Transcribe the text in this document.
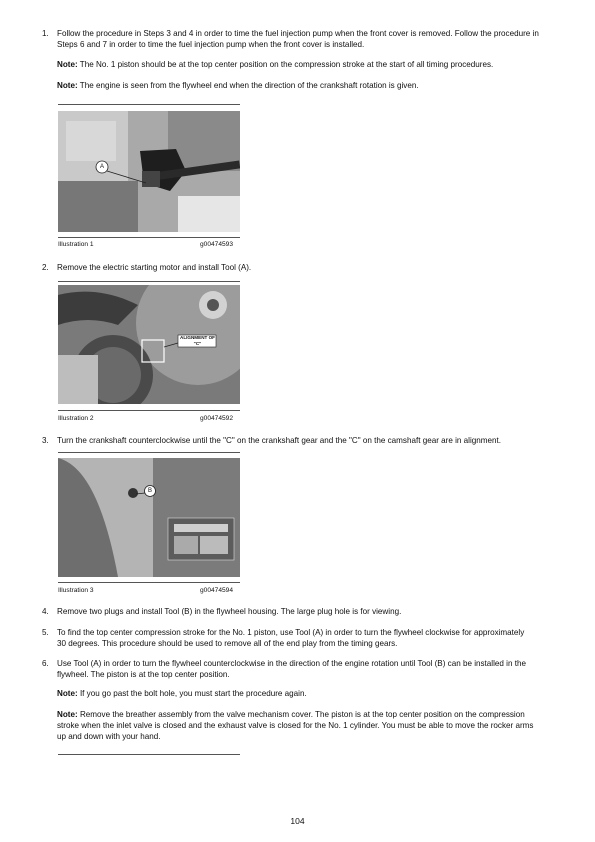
1. Follow the procedure in Steps 3 and 4 in order to time the fuel injection pump when the front cover is removed. Follow the procedure in Steps 6 and 7 in order to time the fuel injection pump when the front cover is installed.
Note: The No. 1 piston should be at the top center position on the compression stroke at the start of all timing procedures.
Note: The engine is seen from the flywheel end when the direction of the crankshaft rotation is given.
A
Illustration 1	g00474593
2. Remove the electric starting motor and install Tool (A).
ALIGNMENT OF "C"
Illustration 2	g00474592
3. Turn the crankshaft counterclockwise until the "C" on the crankshaft gear and the "C" on the camshaft gear are in alignment.
B
Illustration 3	g00474594
4. Remove two plugs and install Tool (B) in the flywheel housing. The large plug hole is for viewing.
5. To find the top center compression stroke for the No. 1 piston, use Tool (A) in order to turn the flywheel clockwise for approximately 30 degrees. This procedure should be used to remove all of the end play from the timing gears.
6. Use Tool (A) in order to turn the flywheel counterclockwise in the direction of the engine rotation until Tool (B) can be installed in the flywheel. The piston is at the top center position.
Note: If you go past the bolt hole, you must start the procedure again.
Note: Remove the breather assembly from the valve mechanism cover. The piston is at the top center position on the compression stroke when the inlet valve is closed and the exhaust valve is closed for the No. 1 cylinder. You must be able to move the rocker arms up and down with your hand.
104
